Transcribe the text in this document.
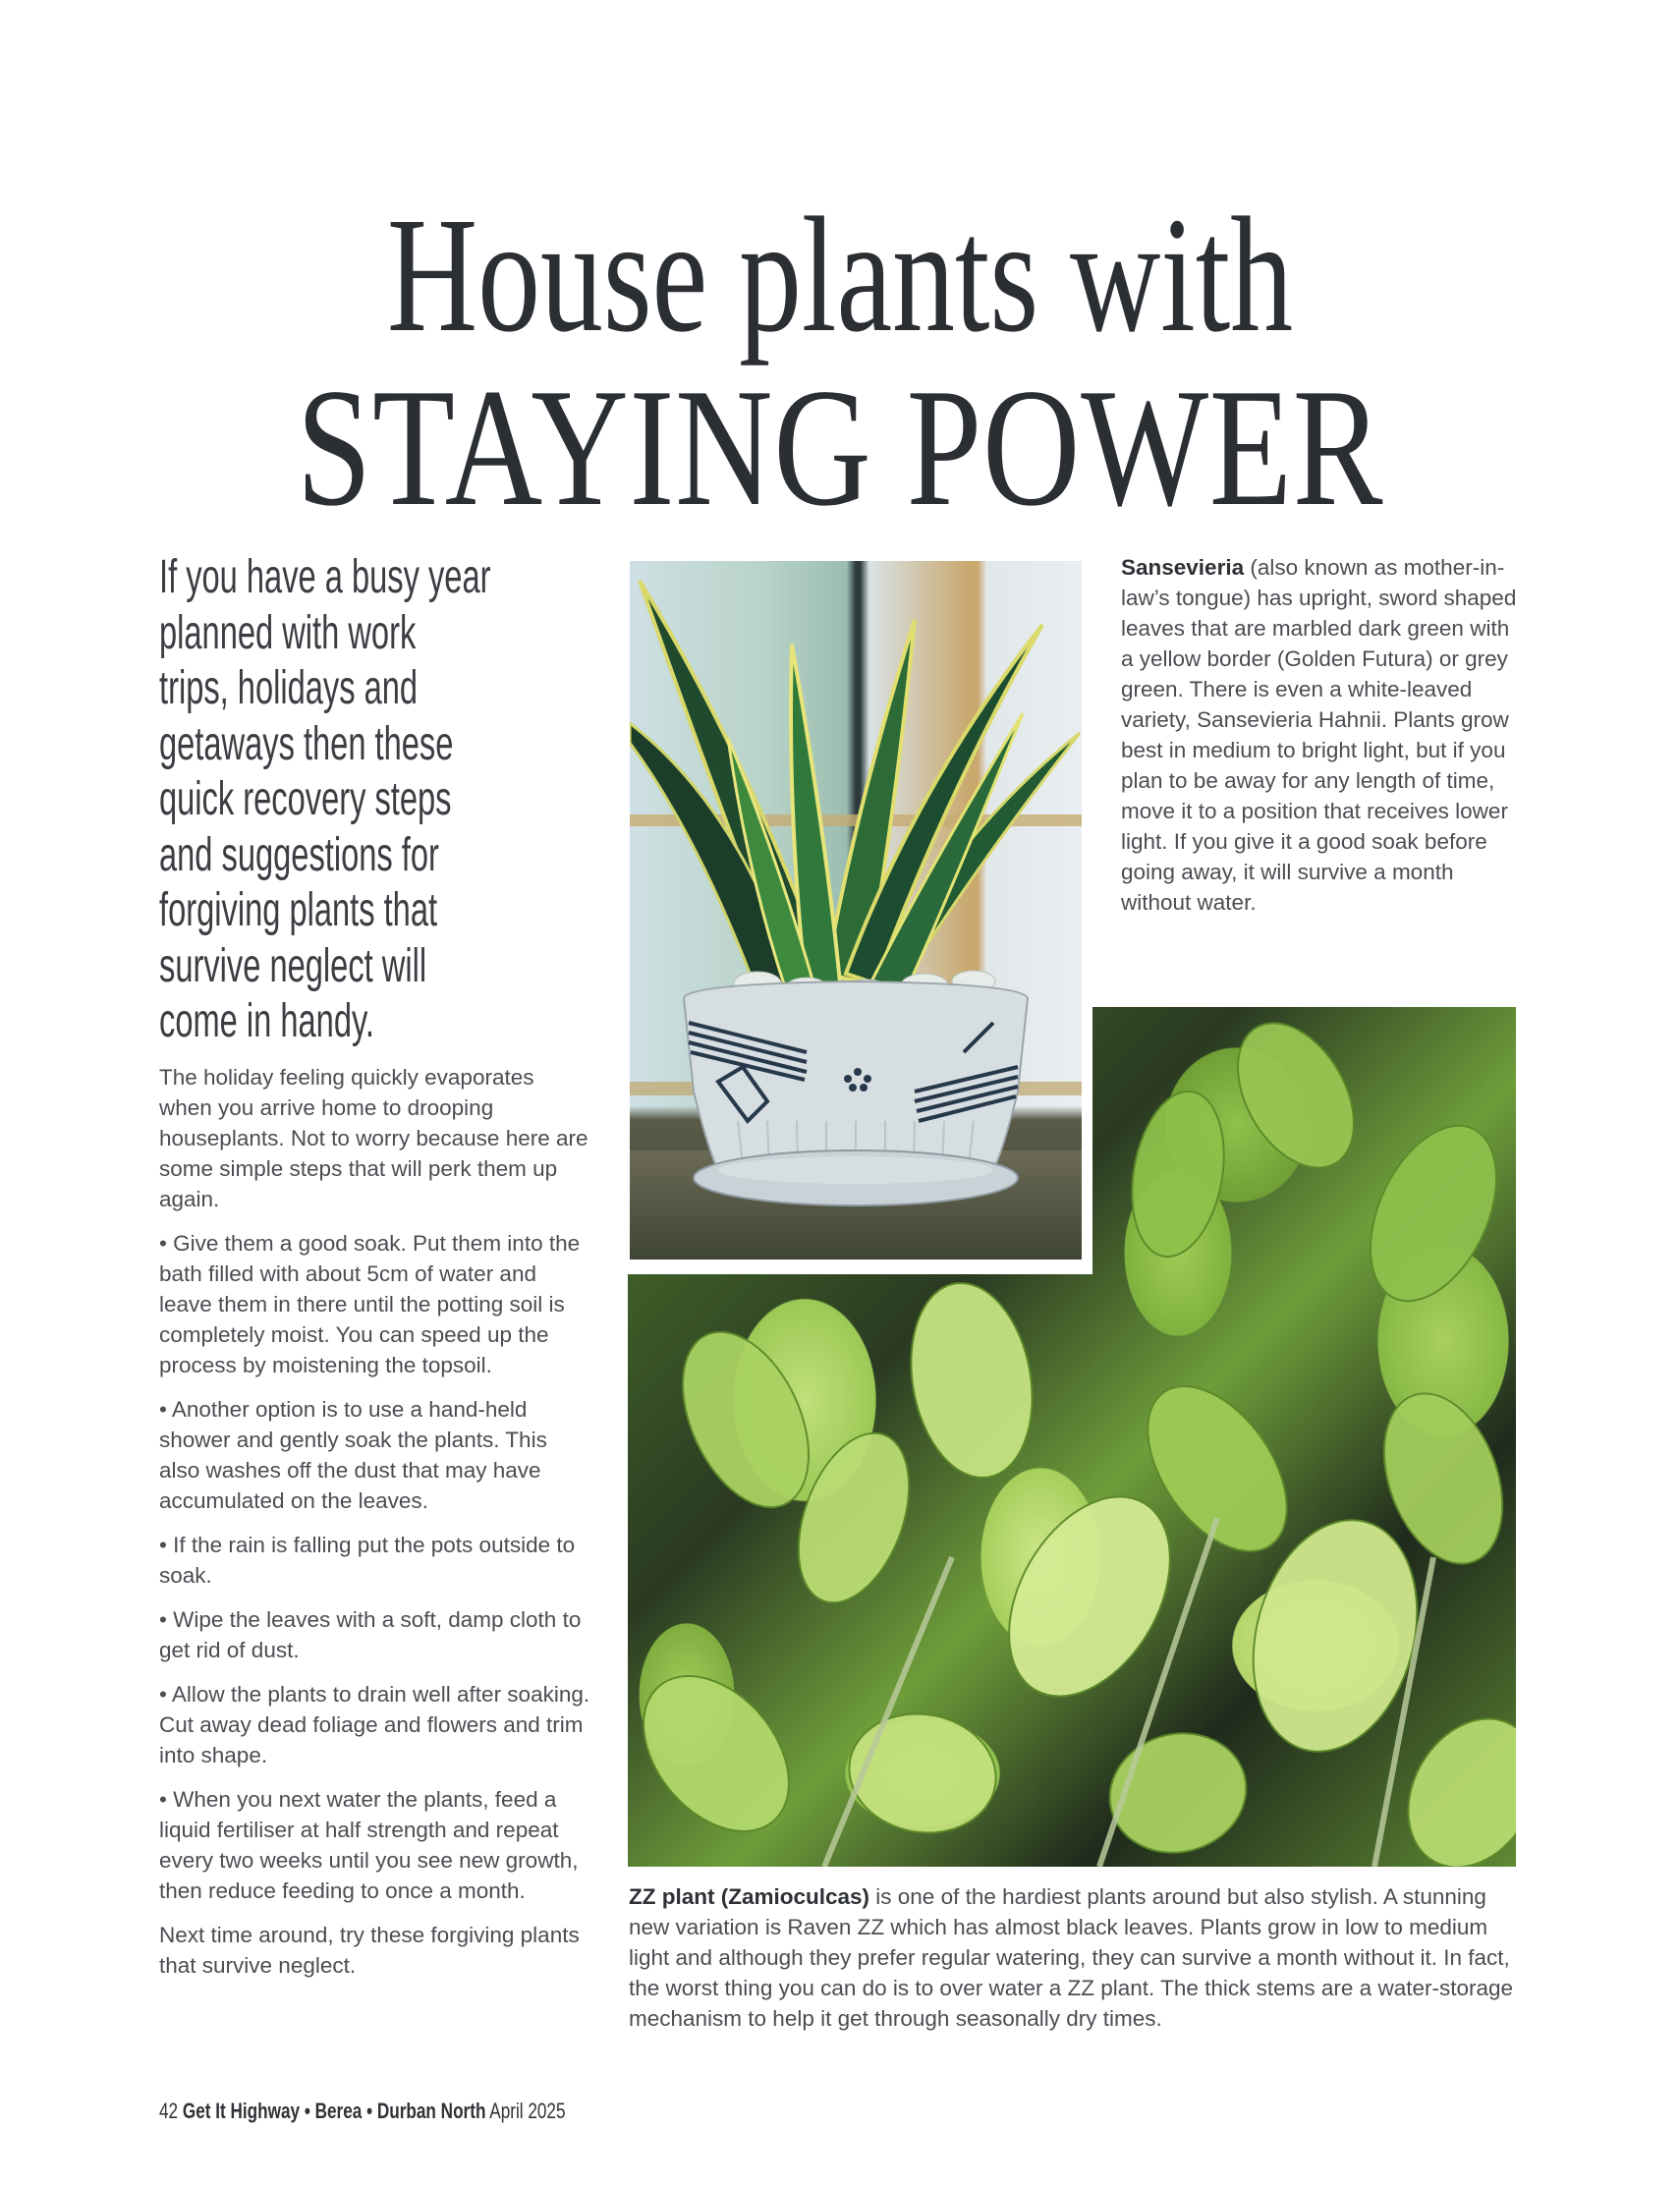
House plants with
STAYING POWER
If you have a busy year
planned with work
trips, holidays and
getaways then these
quick recovery steps
and suggestions for
forgiving plants that
survive neglect will
come in handy.

The holiday feeling quickly evaporates when you arrive home to drooping houseplants. Not to worry because here are some simple steps that will perk them up again.

• Give them a good soak. Put them into the bath filled with about 5cm of water and leave them in there until the potting soil is completely moist. You can speed up the process by moistening the topsoil.

• Another option is to use a hand-held shower and gently soak the plants. This also washes off the dust that may have accumulated on the leaves.

• If the rain is falling put the pots outside to soak.

• Wipe the leaves with a soft, damp cloth to get rid of dust.

• Allow the plants to drain well after soaking. Cut away dead foliage and flowers and trim into shape.

• When you next water the plants, feed a liquid fertiliser at half strength and repeat every two weeks until you see new growth, then reduce feeding to once a month.

Next time around, try these forgiving plants that survive neglect.

Sansevieria (also known as mother-in-law’s tongue) has upright, sword shaped leaves that are marbled dark green with a yellow border (Golden Futura) or grey green. There is even a white-leaved variety, Sansevieria Hahnii. Plants grow best in medium to bright light, but if you plan to be away for any length of time, move it to a position that receives lower light. If you give it a good soak before going away, it will survive a month without water.
ZZ plant (Zamioculcas) is one of the hardiest plants around but also stylish. A stunning new variation is Raven ZZ which has almost black leaves. Plants grow in low to medium light and although they prefer regular watering, they can survive a month without it. In fact, the worst thing you can do is to over water a ZZ plant. The thick stems are a water-storage mechanism to help it get through seasonally dry times.
42 Get It Highway • Berea • Durban North April 2025
